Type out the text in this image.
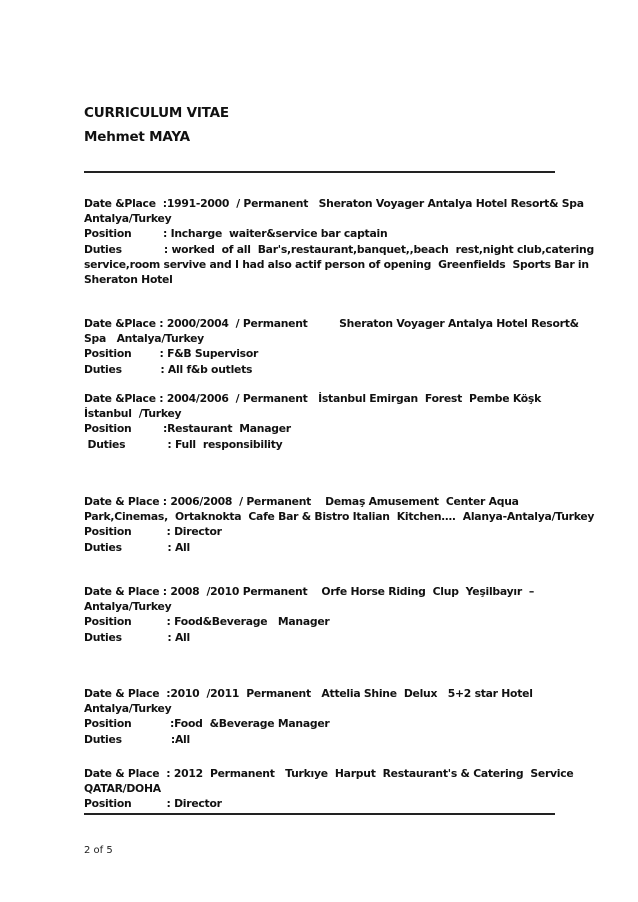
CURRICULUM VITAE
Mehmet MAYA
Date &Place  :1991-2000  / Permanent   Sheraton Voyager Antalya Hotel Resort& Spa
Antalya/Turkey
Position         : Incharge  waiter&service bar captain
Duties            : worked  of all  Bar's,restaurant,banquet,,beach  rest,night club,catering
service,room servive and I had also actif person of opening  Greenfields  Sports Bar in
Sheraton Hotel
Date &Place : 2000/2004  / Permanent         Sheraton Voyager Antalya Hotel Resort&
Spa   Antalya/Turkey
Position        : F&B Supervisor
Duties           : All f&b outlets
Date &Place : 2004/2006  / Permanent   İstanbul Emirgan  Forest  Pembe Köşk
İstanbul  /Turkey
Position         :Restaurant  Manager
Duties            : Full  responsibility
Date & Place : 2006/2008  / Permanent    Demaş Amusement  Center Aqua
Park,Cinemas,  Ortaknokta  Cafe Bar & Bistro Italian  Kitchen….  Alanya-Antalya/Turkey
Position          : Director
Duties             : All
Date & Place : 2008  /2010 Permanent    Orfe Horse Riding  Clup  Yeşilbayır  –
Antalya/Turkey
Position          : Food&Beverage   Manager
Duties             : All
Date & Place  :2010  /2011  Permanent   Attelia Shine  Delux   5+2 star Hotel
Antalya/Turkey
Position           :Food  &Beverage Manager
Duties              :All
Date & Place  : 2012  Permanent   Turkıye  Harput  Restaurant's & Catering  Service
QATAR/DOHA
Position          : Director
2 of 5
